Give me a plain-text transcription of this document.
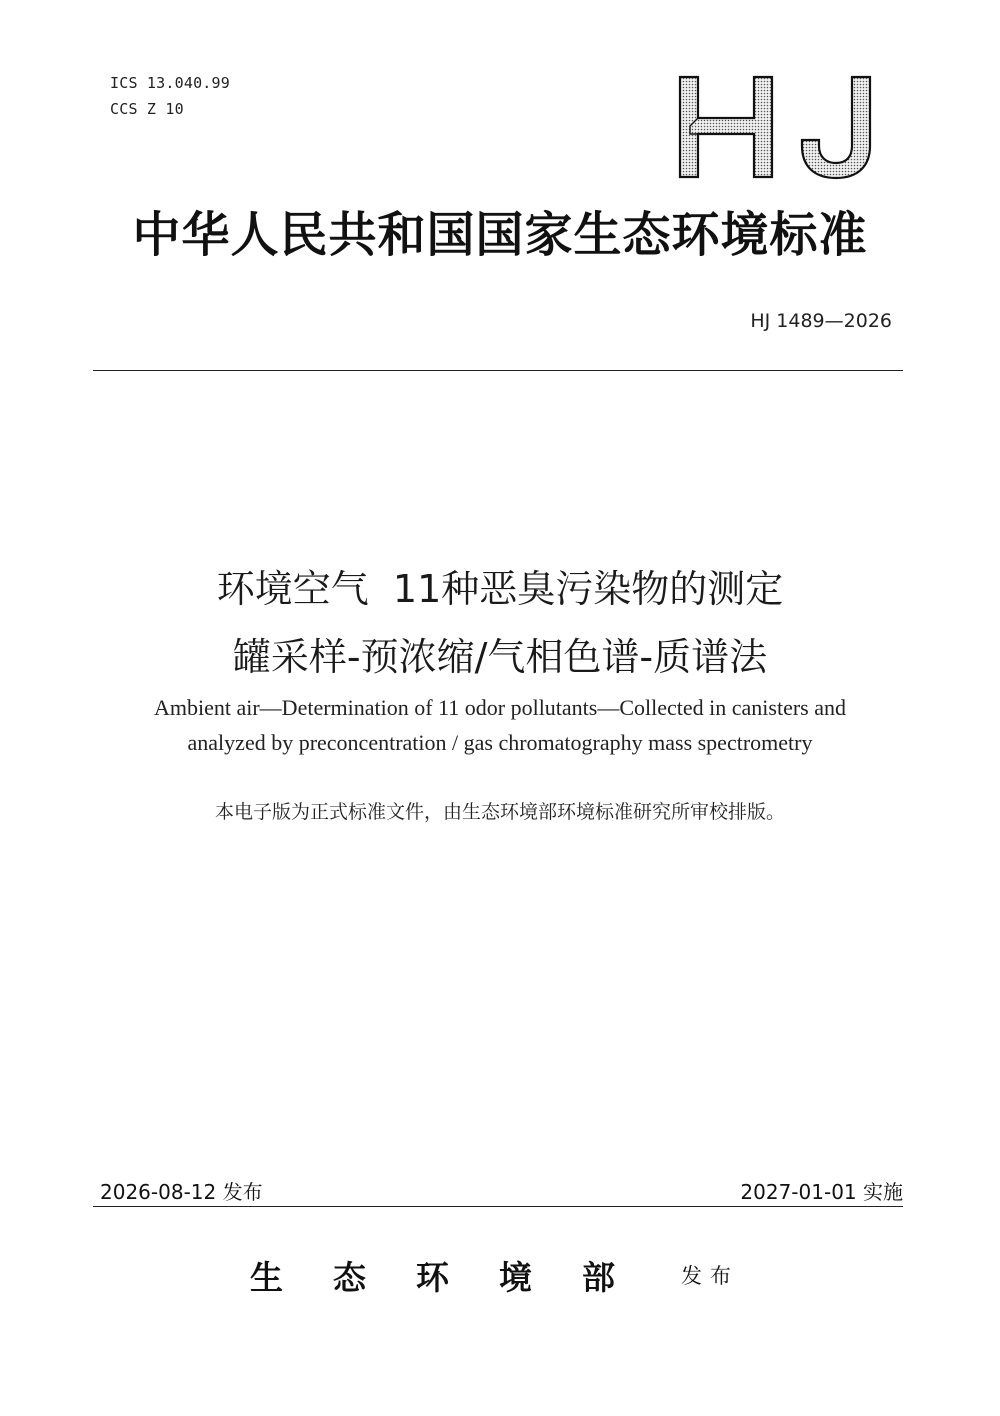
ICS 13.040.99
CCS Z 10
中华人民共和国国家生态环境标准
HJ 1489—2026
环境空气  11种恶臭污染物的测定
罐采样-预浓缩/气相色谱-质谱法
Ambient air—Determination of 11 odor pollutants—Collected in canisters and
analyzed by preconcentration / gas chromatography mass spectrometry
本电子版为正式标准文件，由生态环境部环境标准研究所审校排版。
2026-08-12 发布	2027-01-01 实施
生态环境部 发布
